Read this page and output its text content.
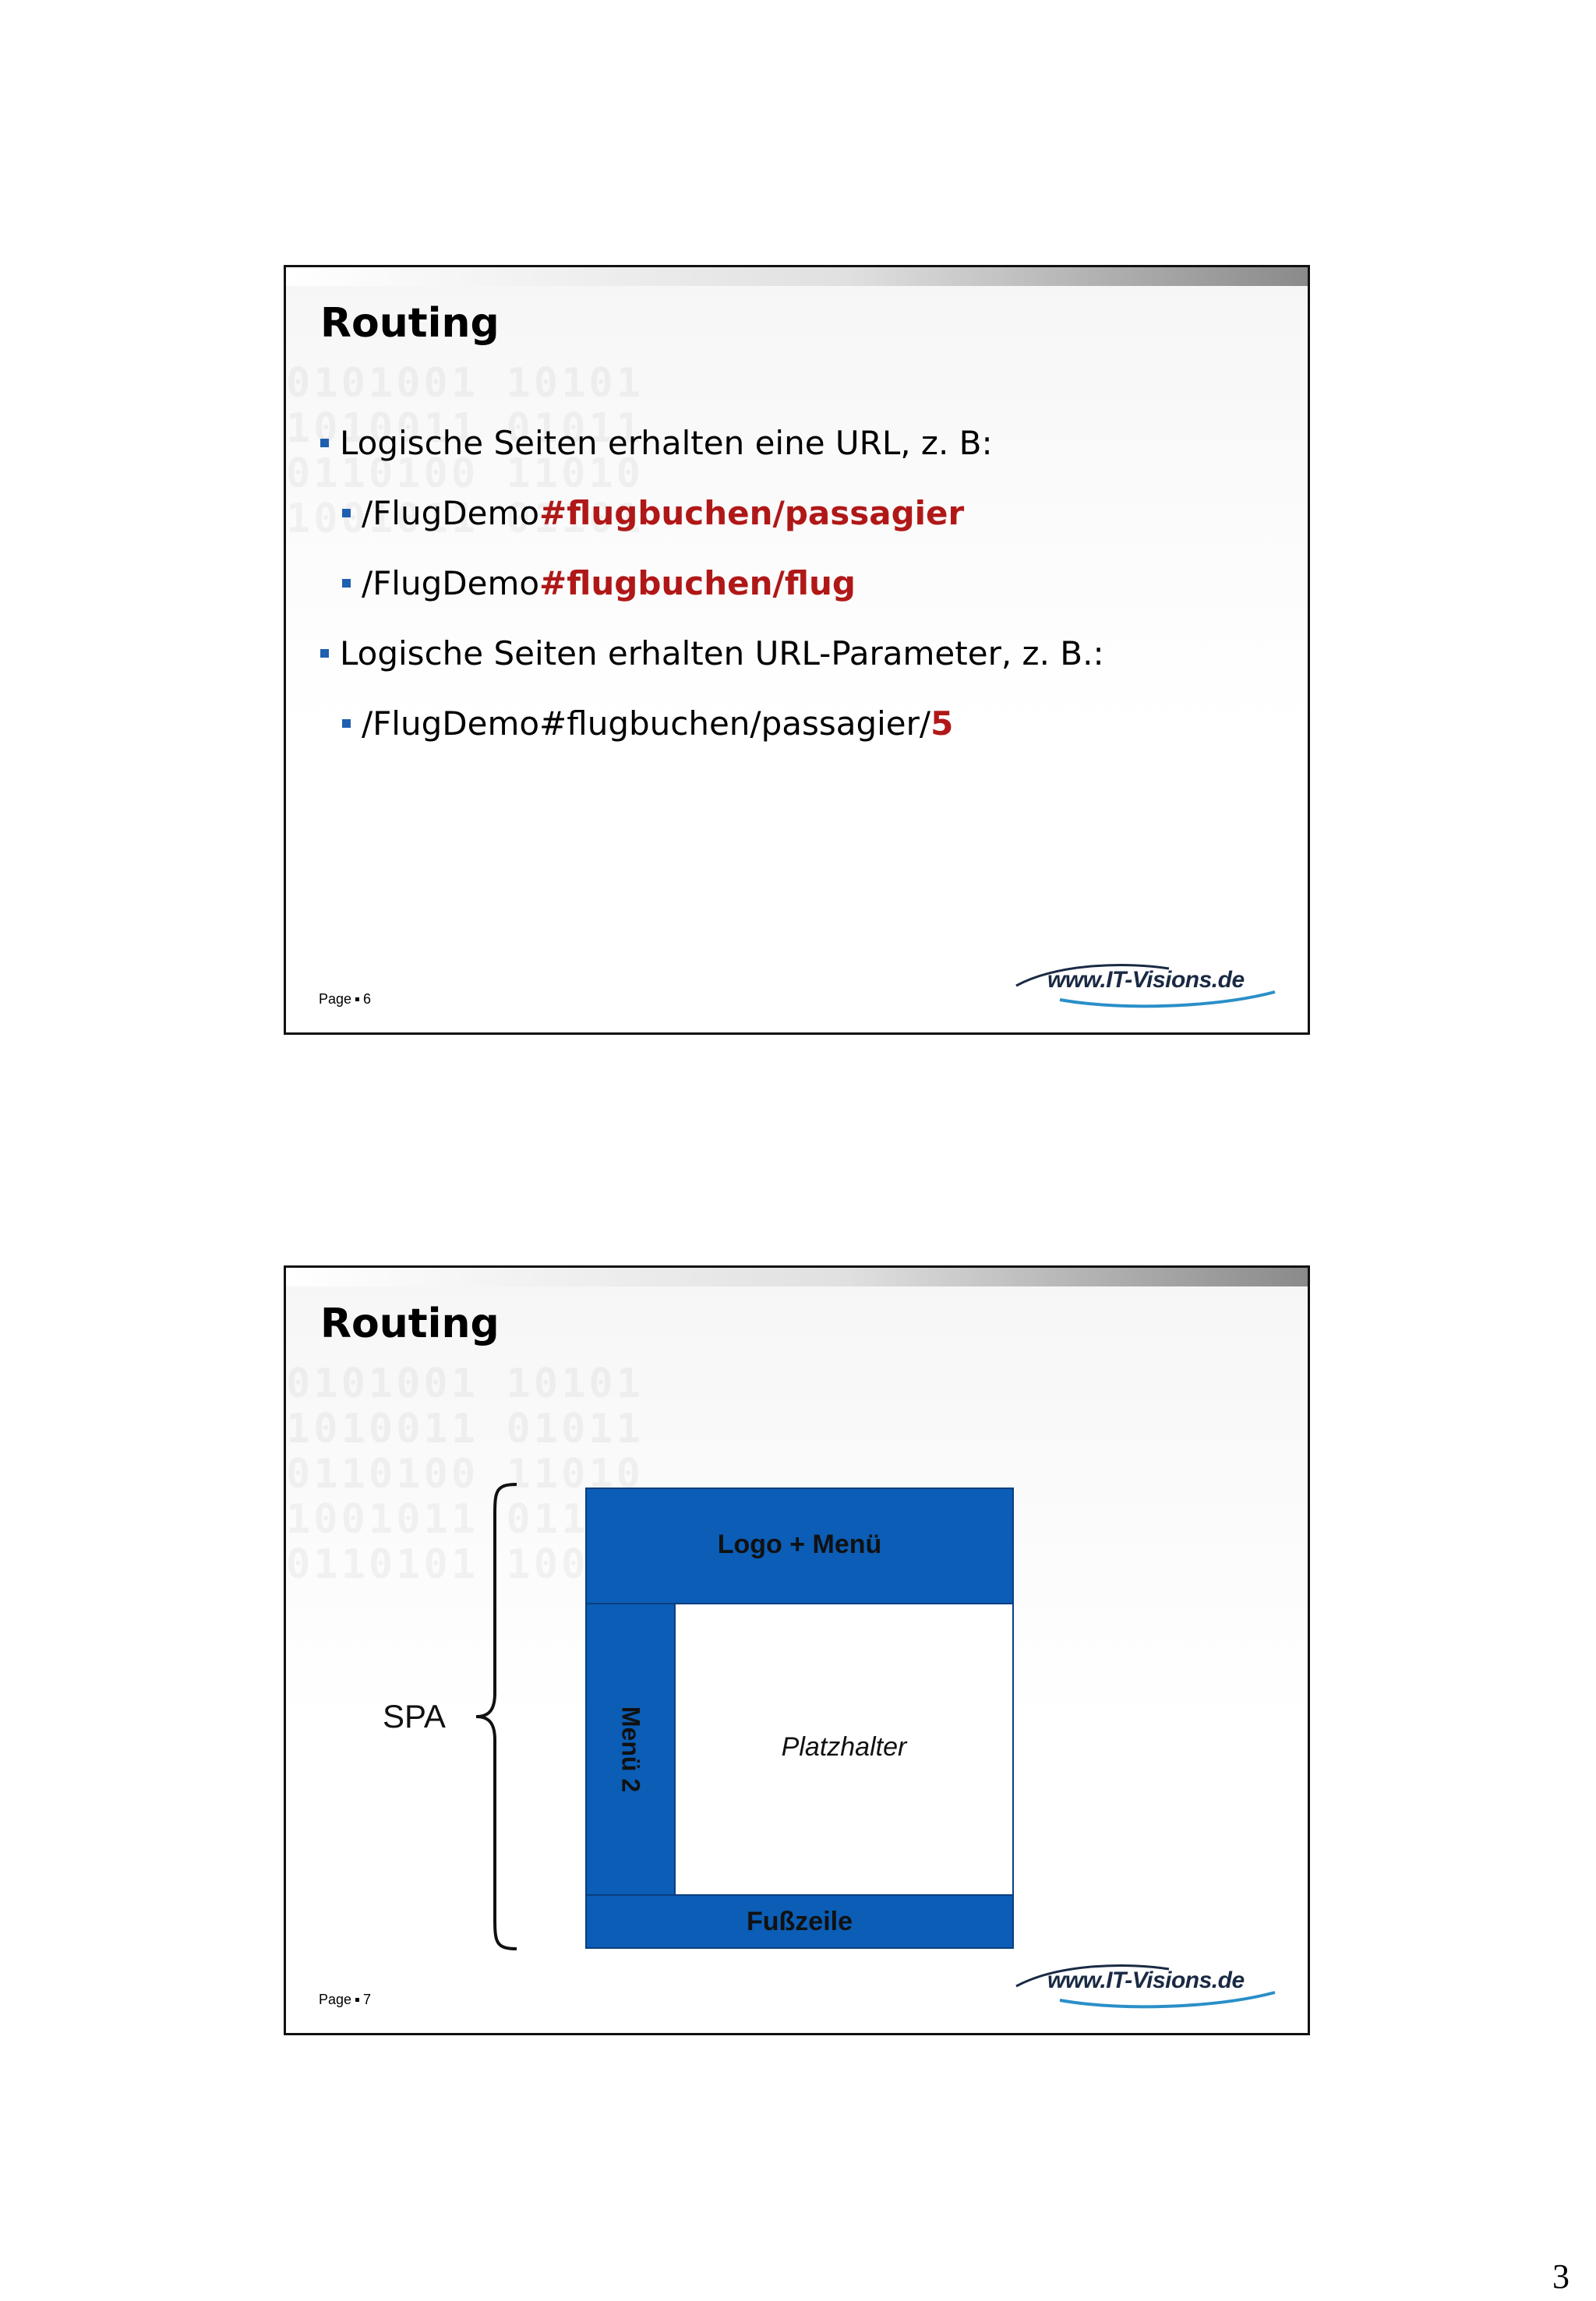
Routing
Logische Seiten erhalten eine URL, z. B:
/FlugDemo #flugbuchen/passagier
/FlugDemo #flugbuchen/flug
Logische Seiten erhalten URL-Parameter, z. B.:
/FlugDemo#flugbuchen/passagier/ 5
Page 6
www.IT-Visions.de
Routing
SPA
Logo + Menü
Menü 2	Platzhalter
Fußzeile
Page 7
www.IT-Visions.de
3
